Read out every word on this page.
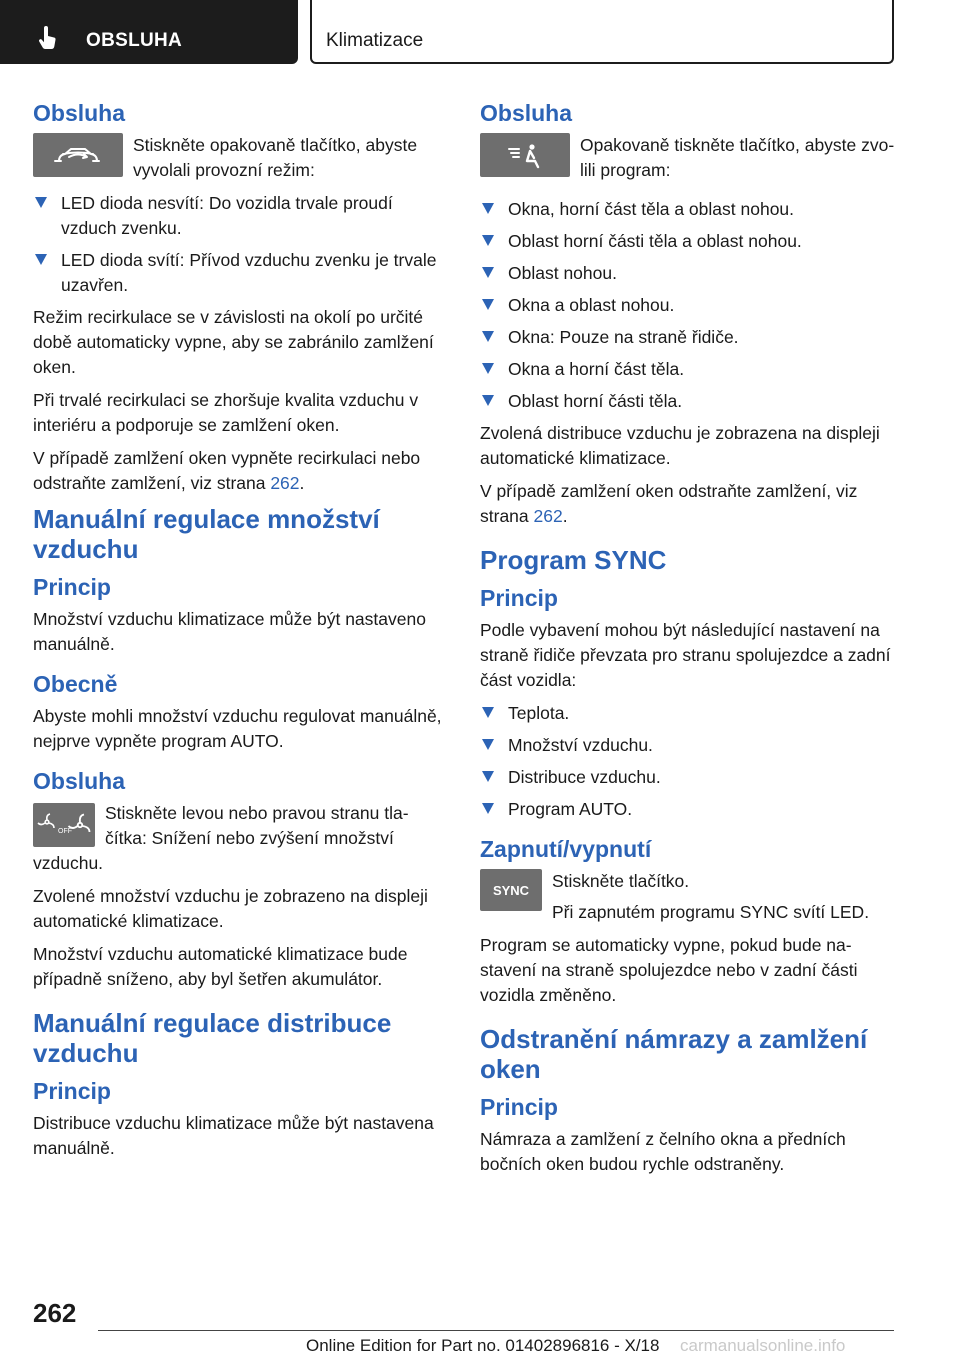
OBSLUHA	Klimatizace
Obsluha
Stiskněte opakovaně tlačítko, abyste vyvolali provozní režim:
LED dioda nesvítí: Do vozidla trvale proudí vzduch zvenku.
LED dioda svítí: Přívod vzduchu zvenku je trvale uzavřen.

Režim recirkulace se v závislosti na okolí po určité době automaticky vypne, aby se zabránilo zamlžení oken.

Při trvalé recirkulaci se zhoršuje kvalita vzduchu v interiéru a podporuje se zamlžení oken.

V případě zamlžení oken vypněte recirkulaci nebo odstraňte zamlžení, viz strana 262.

Manuální regulace množství vzduchu
Princip

Množství vzduchu klimatizace může být nastaveno manuálně.

Obecně

Abyste mohli množství vzduchu regulovat manuálně, nejprve vypněte program AUTO.

Obsluha
OFF
Stiskněte levou nebo pravou stranu tlačítka: Snížení nebo zvýšení množství vzduchu.

Zvolené množství vzduchu je zobrazeno na displeji automatické klimatizace.

Množství vzduchu automatické klimatizace bude případně sníženo, aby byl šetřen akumulátor.

Manuální regulace distribuce vzduchu
Princip

Distribuce vzduchu klimatizace může být nastavena manuálně.

Obsluha
Opakovaně tiskněte tlačítko, abyste zvolili program:
Okna, horní část těla a oblast nohou.
Oblast horní části těla a oblast nohou.
Oblast nohou.
Okna a oblast nohou.
Okna: Pouze na straně řidiče.
Okna a horní část těla.
Oblast horní části těla.

Zvolená distribuce vzduchu je zobrazena na displeji automatické klimatizace.

V případě zamlžení oken odstraňte zamlžení, viz strana 262.

Program SYNC
Princip

Podle vybavení mohou být následující nastavení na straně řidiče převzata pro stranu spolujezdce a zadní část vozidla:

Teplota.
Množství vzduchu.
Distribuce vzduchu.
Program AUTO.
Zapnutí/vypnutí
SYNC Stiskněte tlačítko.
Při zapnutém programu SYNC svítí LED.

Program se automaticky vypne, pokud bude nastavení na straně spolujezdce nebo v zadní části vozidla změněno.

Odstranění námrazy a zamlžení oken
Princip

Námraza a zamlžení z čelního okna a předních bočních oken budou rychle odstraněny.

262
Online Edition for Part no. 01402896816 - X/18 carmanualsonline.info
